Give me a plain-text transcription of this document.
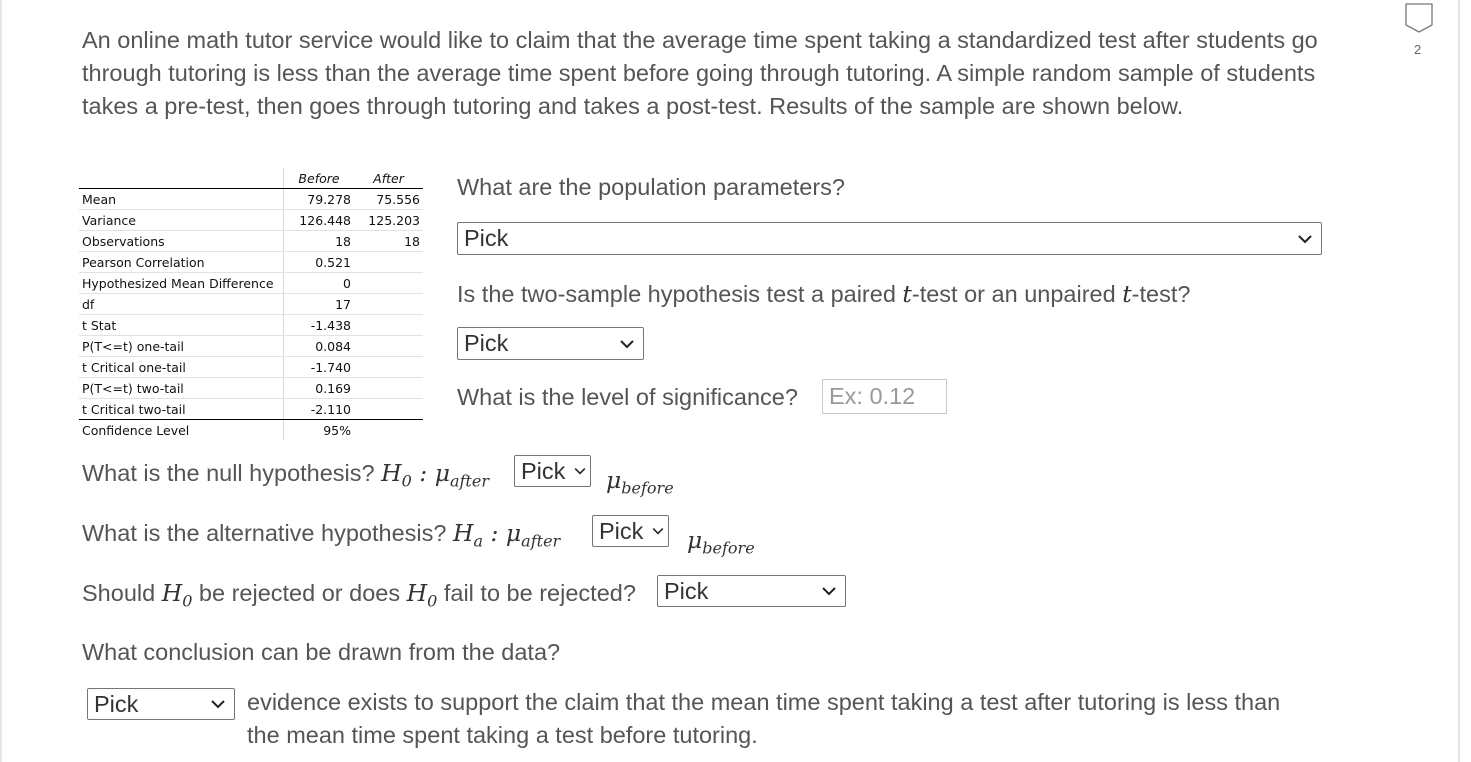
2
An online math tutor service would like to claim that the average time spent taking a standardized test after students go through tutoring is less than the average time spent before going through tutoring. A simple random sample of students takes a pre-test, then goes through tutoring and takes a post-test. Results of the sample are shown below.
	Before	After
Mean	79.278	75.556
Variance	126.448	125.203
Observations	18	18
Pearson Correlation	0.521	
Hypothesized Mean Difference	0	
df	17	
t Stat	-1.438	
P(T<=t) one-tail	0.084	
t Critical one-tail	-1.740	
P(T<=t) two-tail	0.169	
t Critical two-tail	-2.110	
Confidence Level	95%	
What are the population parameters?
Pick
Is the two-sample hypothesis test a paired t-test or an unpaired t-test?
Pick
What is the level of significance? Ex: 0.12
What is the null hypothesis? $H_0$ : $\mu_{after}$ Pick $\mu_{before}$
What is the alternative hypothesis? $H_a$ : $\mu_{after}$ Pick $\mu_{before}$
Should $H_0$ be rejected or does $H_0$ fail to be rejected? Pick
What conclusion can be drawn from the data?
Pick	evidence exists to support the claim that the mean time spent taking a test after tutoring is less than
the mean time spent taking a test before tutoring.
